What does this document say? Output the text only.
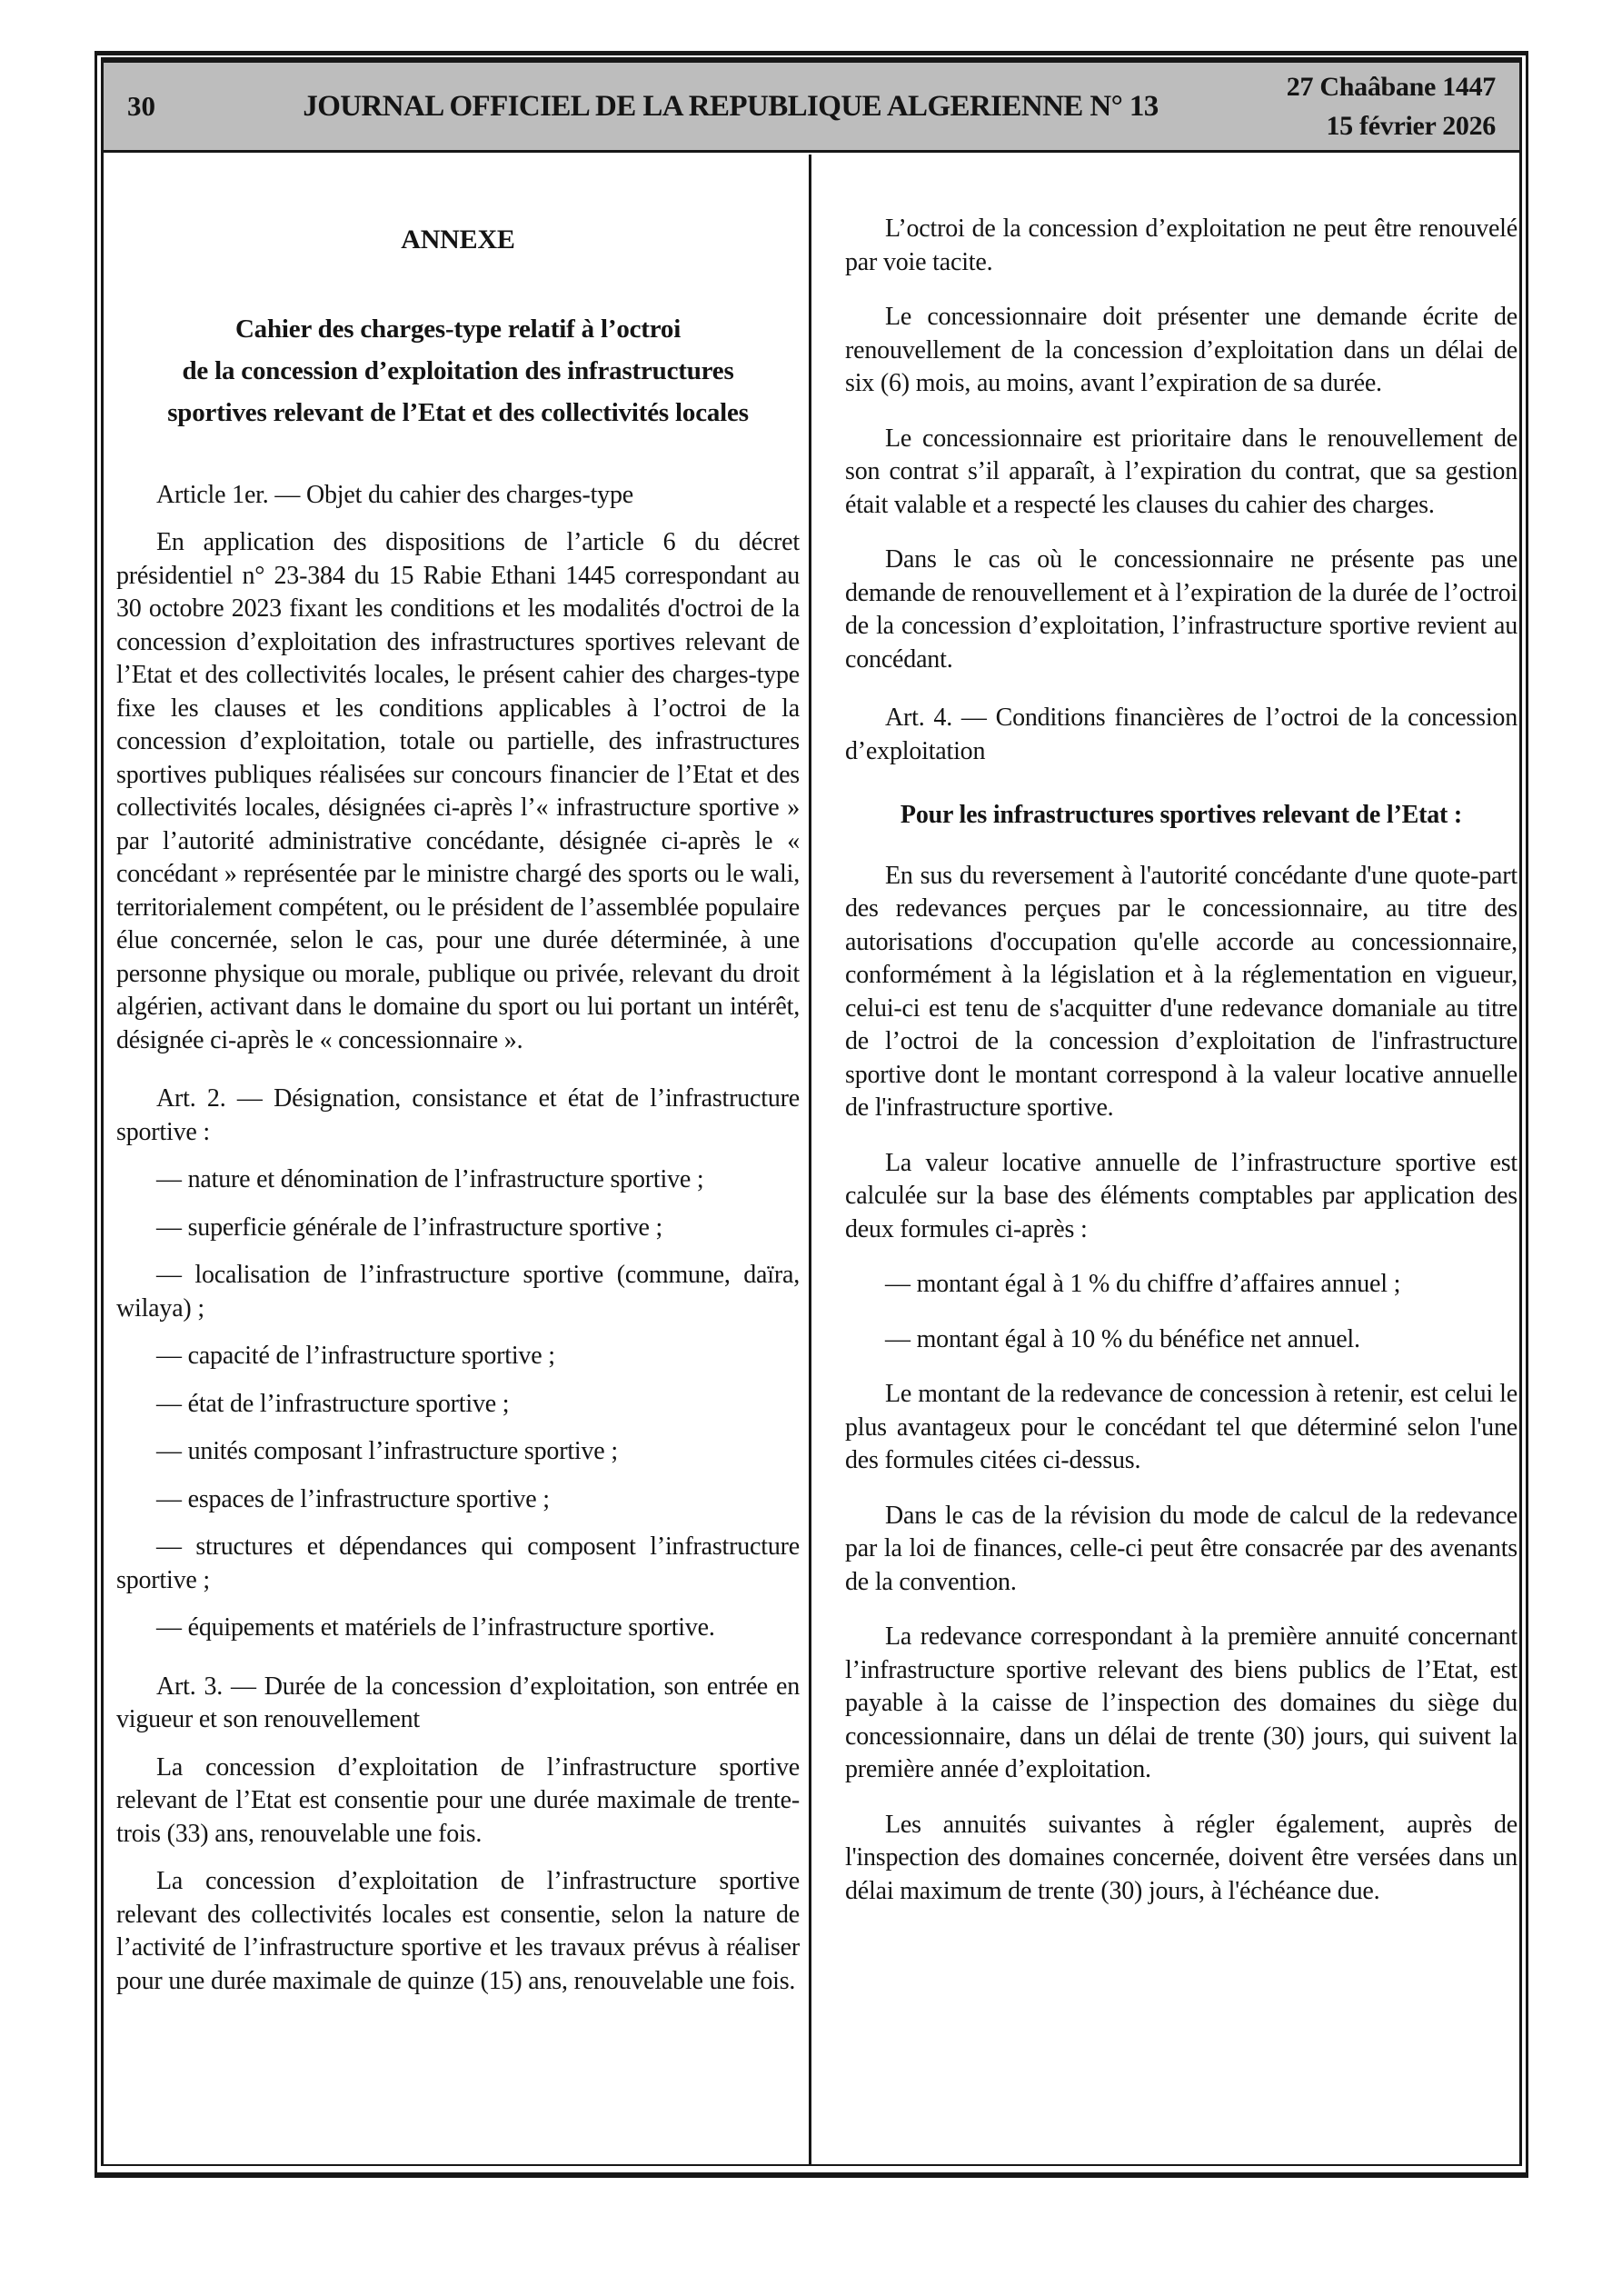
30	JOURNAL OFFICIEL DE LA REPUBLIQUE ALGERIENNE N° 13
27 Chaâbane 1447
15 février 2026
ANNEXE
Cahier des charges-type relatif à l’octroi
de la concession d’exploitation des infrastructures
sportives relevant de l’Etat et des collectivités locales

Article 1er. — Objet du cahier des charges-type

En application des dispositions de l’article 6 du décret présidentiel n° 23-384 du 15 Rabie Ethani 1445 correspondant au 30 octobre 2023 fixant les conditions et les modalités d'octroi de la concession d’exploitation des infrastructures sportives relevant de l’Etat et des collectivités locales, le présent cahier des charges-type fixe les clauses et les conditions applicables à l’octroi de la concession d’exploitation, totale ou partielle, des infrastructures sportives publiques réalisées sur concours financier de l’Etat et des collectivités locales, désignées ci-après l’« infrastructure sportive » par l’autorité administrative concédante, désignée ci-après le « concédant » représentée par le ministre chargé des sports ou le wali, territorialement compétent, ou le président de l’assemblée populaire élue concernée, selon le cas, pour une durée déterminée, à une personne physique ou morale, publique ou privée, relevant du droit algérien, activant dans le domaine du sport ou lui portant un intérêt, désignée ci-après le « concessionnaire ».

Art. 2. — Désignation, consistance et état de l’infrastructure sportive :

— nature et dénomination de l’infrastructure sportive ;

— superficie générale de l’infrastructure sportive ;

— localisation de l’infrastructure sportive (commune, daïra, wilaya) ;

— capacité de l’infrastructure sportive ;

— état de l’infrastructure sportive ;

— unités composant l’infrastructure sportive ;

— espaces de l’infrastructure sportive ;

— structures et dépendances qui composent l’infrastructure sportive ;

— équipements et matériels de l’infrastructure sportive.

Art. 3. — Durée de la concession d’exploitation, son entrée en vigueur et son renouvellement

La concession d’exploitation de l’infrastructure sportive relevant de l’Etat est consentie pour une durée maximale de trente-trois (33) ans, renouvelable une fois.

La concession d’exploitation de l’infrastructure sportive relevant des collectivités locales est consentie, selon la nature de l’activité de l’infrastructure sportive et les travaux prévus à réaliser pour une durée maximale de quinze (15) ans, renouvelable une fois.

L’octroi de la concession d’exploitation ne peut être renouvelé par voie tacite.

Le concessionnaire doit présenter une demande écrite de renouvellement de la concession d’exploitation dans un délai de six (6) mois, au moins, avant l’expiration de sa durée.

Le concessionnaire est prioritaire dans le renouvellement de son contrat s’il apparaît, à l’expiration du contrat, que sa gestion était valable et a respecté les clauses du cahier des charges.

Dans le cas où le concessionnaire ne présente pas une demande de renouvellement et à l’expiration de la durée de l’octroi de la concession d’exploitation, l’infrastructure sportive revient au concédant.

Art. 4. — Conditions financières de l’octroi de la concession d’exploitation

Pour les infrastructures sportives relevant de l’Etat :

En sus du reversement à l'autorité concédante d'une quote-part des redevances perçues par le concessionnaire, au titre des autorisations d'occupation qu'elle accorde au concessionnaire, conformément à la législation et à la réglementation en vigueur, celui-ci est tenu de s'acquitter d'une redevance domaniale au titre de l’octroi de la concession d’exploitation de l'infrastructure sportive dont le montant correspond à la valeur locative annuelle de l'infrastructure sportive.

La valeur locative annuelle de l’infrastructure sportive est calculée sur la base des éléments comptables par application des deux formules ci-après :

— montant égal à 1 % du chiffre d’affaires annuel ;

— montant égal à 10 % du bénéfice net annuel.

Le montant de la redevance de concession à retenir, est celui le plus avantageux pour le concédant tel que déterminé selon l'une des formules citées ci-dessus.

Dans le cas de la révision du mode de calcul de la redevance par la loi de finances, celle-ci peut être consacrée par des avenants de la convention.

La redevance correspondant à la première annuité concernant l’infrastructure sportive relevant des biens publics de l’Etat, est payable à la caisse de l’inspection des domaines du siège du concessionnaire, dans un délai de trente (30) jours, qui suivent la première année d’exploitation.

Les annuités suivantes à régler également, auprès de l'inspection des domaines concernée, doivent être versées dans un délai maximum de trente (30) jours, à l'échéance due.
